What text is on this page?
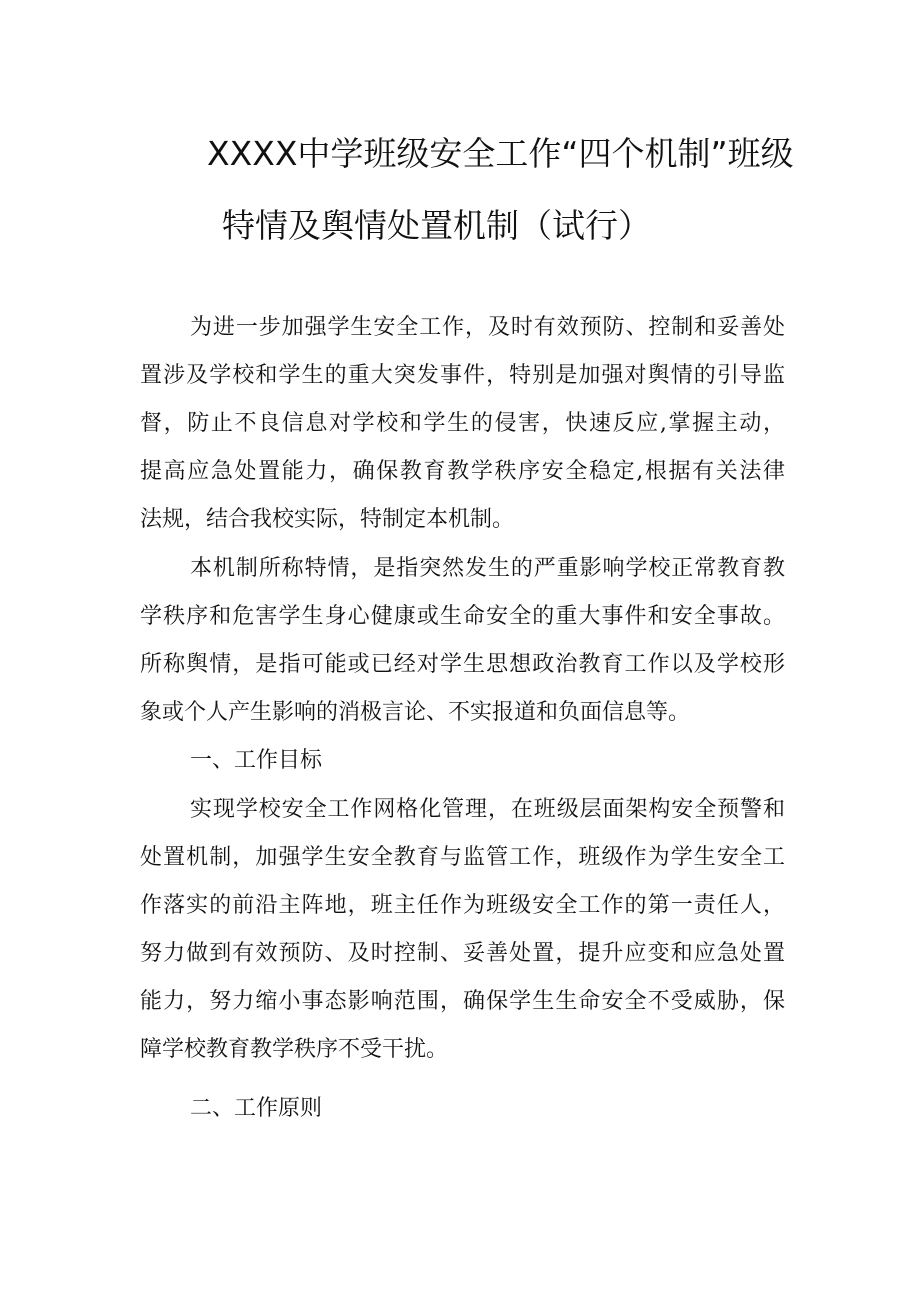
XXXX中学班级安全工作“四个机制”班级
特情及舆情处置机制（试行）
为进一步加强学生安全工作，及时有效预防、控制和妥善处
置涉及学校和学生的重大突发事件，特别是加强对舆情的引导监
督，防止不良信息对学校和学生的侵害，快速反应,掌握主动，
提高应急处置能力，确保教育教学秩序安全稳定,根据有关法律
法规，结合我校实际，特制定本机制。
本机制所称特情，是指突然发生的严重影响学校正常教育教
学秩序和危害学生身心健康或生命安全的重大事件和安全事故。
所称舆情，是指可能或已经对学生思想政治教育工作以及学校形
象或个人产生影响的消极言论、不实报道和负面信息等。
一、工作目标
实现学校安全工作网格化管理，在班级层面架构安全预警和
处置机制，加强学生安全教育与监管工作，班级作为学生安全工
作落实的前沿主阵地，班主任作为班级安全工作的第一责任人，
努力做到有效预防、及时控制、妥善处置，提升应变和应急处置
能力，努力缩小事态影响范围，确保学生生命安全不受威胁，保
障学校教育教学秩序不受干扰。
二、工作原则
